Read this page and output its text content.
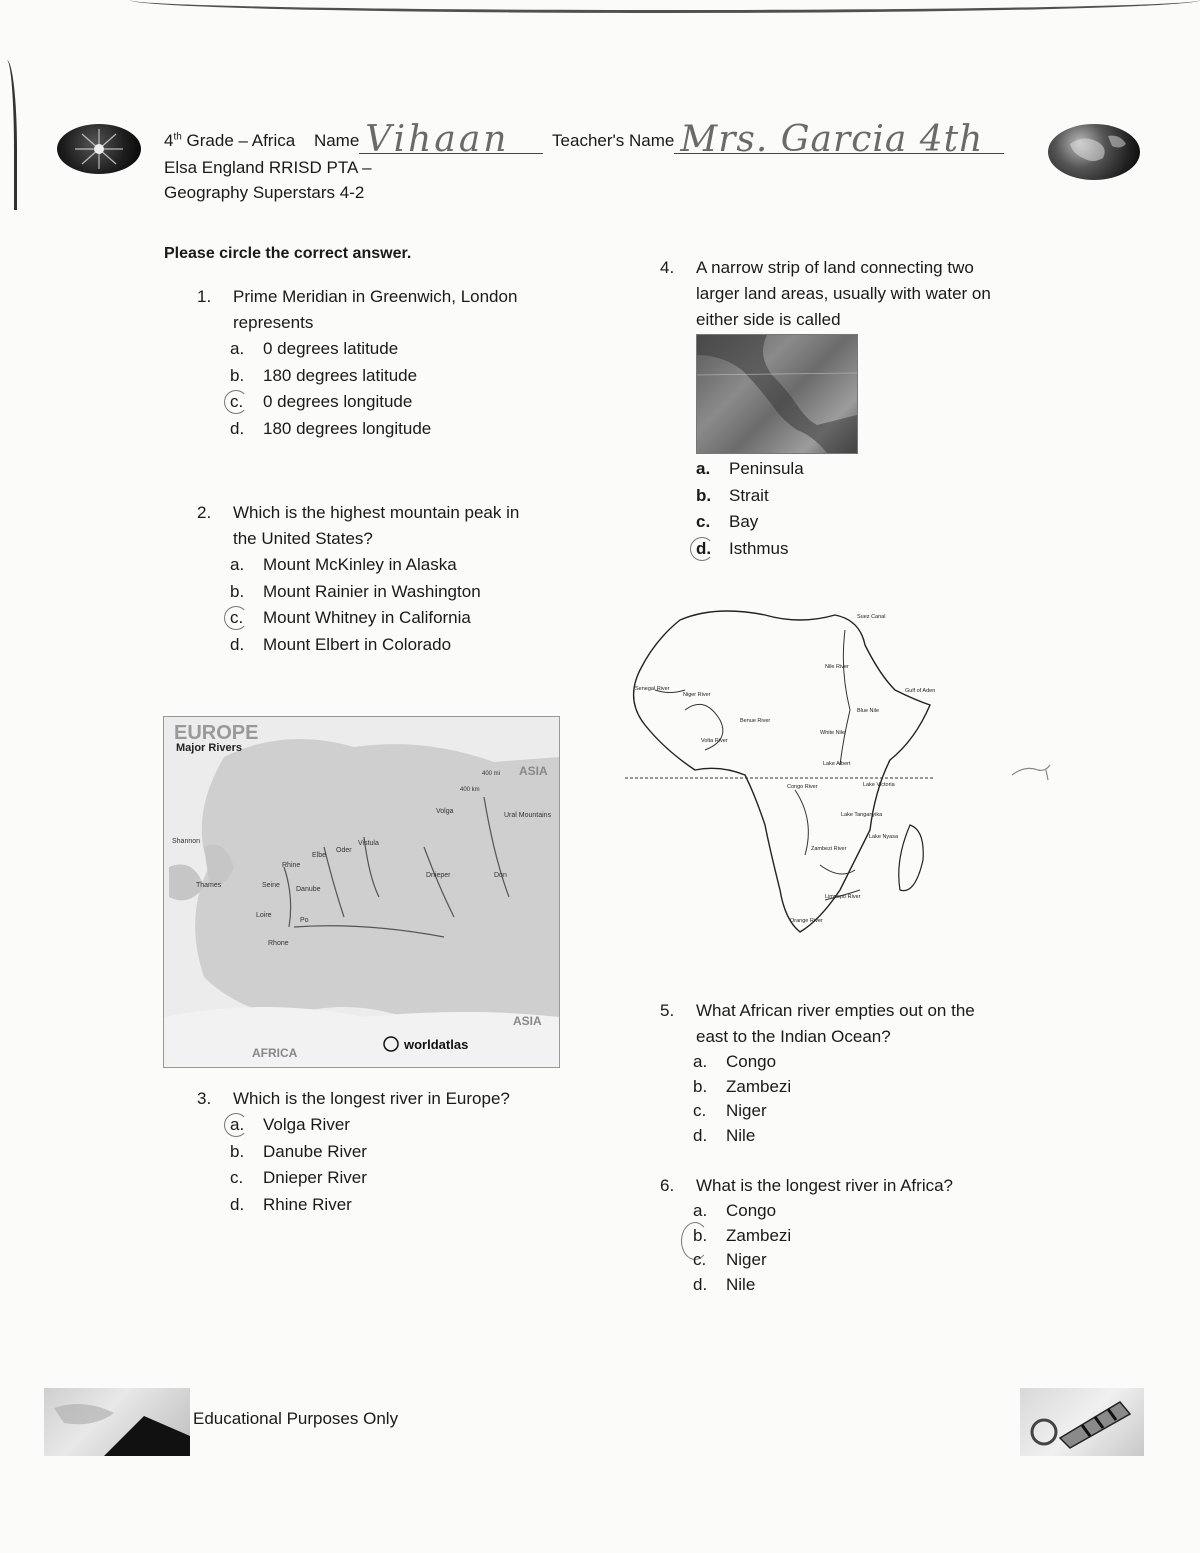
4th Grade – Africa Name Vihaan	Teacher's Name Mrs. Garcia 4th
Elsa England RRISD PTA –
Geography Superstars 4-2
Please circle the correct answer.
1. Prime Meridian in Greenwich, London
represents
a. 0 degrees latitude
b. 180 degrees latitude
c. 0 degrees longitude
d. 180 degrees longitude
2. Which is the highest mountain peak in
the United States?
a. Mount McKinley in Alaska
b. Mount Rainier in Washington
c. Mount Whitney in California
d. Mount Elbert in Colorado
EUROPE
Major Rivers
ASIA
ASIA
AFRICA
400 mi
400 km
worldatlas
Shannon
Thames	Seine
Loire
Rhine
Elbe
Oder
Vistula
Danube
Po
Rhone
Dnieper
Volga
Don
Ural Mountains
3. Which is the longest river in Europe?
a. Volga River
b. Danube River
c. Dnieper River
d. Rhine River
4. A narrow strip of land connecting two
larger land areas, usually with water on
either side is called
a. Peninsula
b. Strait
c. Bay
d. Isthmus
Suez Canal
Nile River
Gulf of Aden
Senegal River
Niger River
Benue River
Blue Nile
Volta River
White Nile
Lake Albert
Congo River	Lake Victoria
Lake Tanganyika
Lake Nyasa
Zambezi River
Limpopo River
Orange River
5. What African river empties out on the
east to the Indian Ocean?
a. Congo
b. Zambezi
c. Niger
d. Nile
6. What is the longest river in Africa?
a. Congo
b. Zambezi
c. Niger
d. Nile
Educational Purposes Only
